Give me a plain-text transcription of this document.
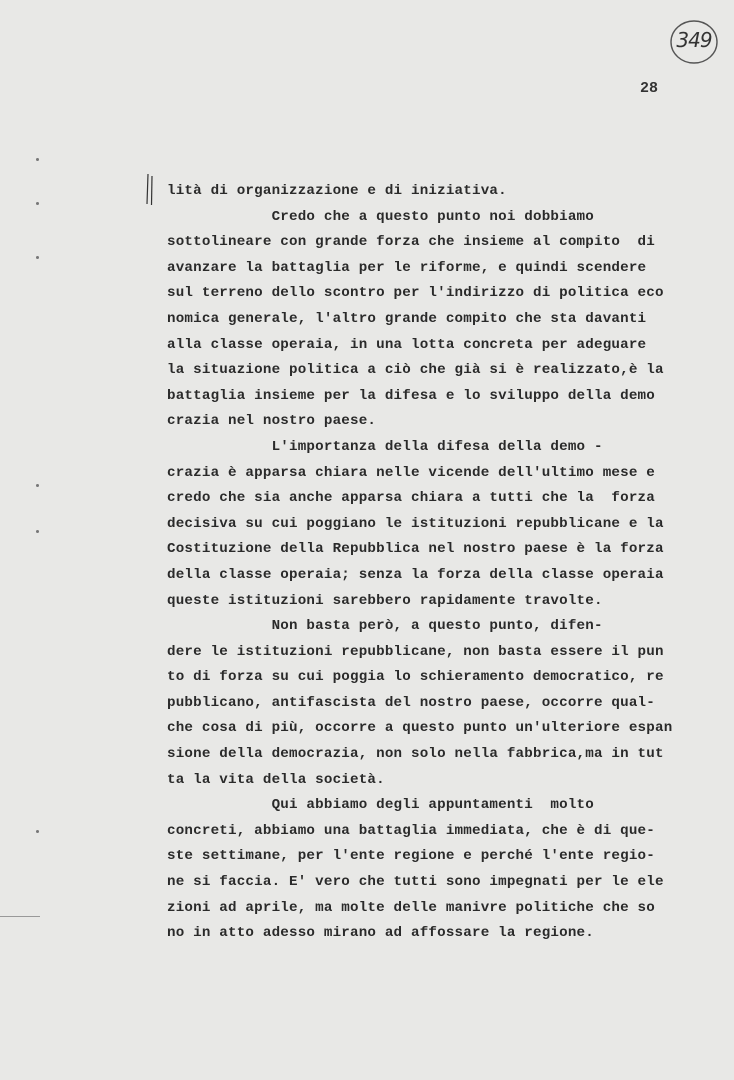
349
28
lità di organizzazione e di iniziativa.
Credo che a questo punto noi dobbiamo
sottolineare con grande forza che insieme al compito  di
avanzare la battaglia per le riforme, e quindi scendere
sul terreno dello scontro per l'indirizzo di politica eco
nomica generale, l'altro grande compito che sta davanti
alla classe operaia, in una lotta concreta per adeguare
la situazione politica a ciò che già si è realizzato,è la
battaglia insieme per la difesa e lo sviluppo della demo
crazia nel nostro paese.
L'importanza della difesa della demo -
crazia è apparsa chiara nelle vicende dell'ultimo mese e
credo che sia anche apparsa chiara a tutti che la  forza
decisiva su cui poggiano le istituzioni repubblicane e la
Costituzione della Repubblica nel nostro paese è la forza
della classe operaia; senza la forza della classe operaia
queste istituzioni sarebbero rapidamente travolte.
Non basta però, a questo punto, difen-
dere le istituzioni repubblicane, non basta essere il pun
to di forza su cui poggia lo schieramento democratico, re
pubblicano, antifascista del nostro paese, occorre qual-
che cosa di più, occorre a questo punto un'ulteriore espan
sione della democrazia, non solo nella fabbrica,ma in tut
ta la vita della società.
Qui abbiamo degli appuntamenti  molto
concreti, abbiamo una battaglia immediata, che è di que-
ste settimane, per l'ente regione e perché l'ente regio-
ne si faccia. E' vero che tutti sono impegnati per le ele
zioni ad aprile, ma molte delle manivre politiche che so
no in atto adesso mirano ad affossare la regione.
